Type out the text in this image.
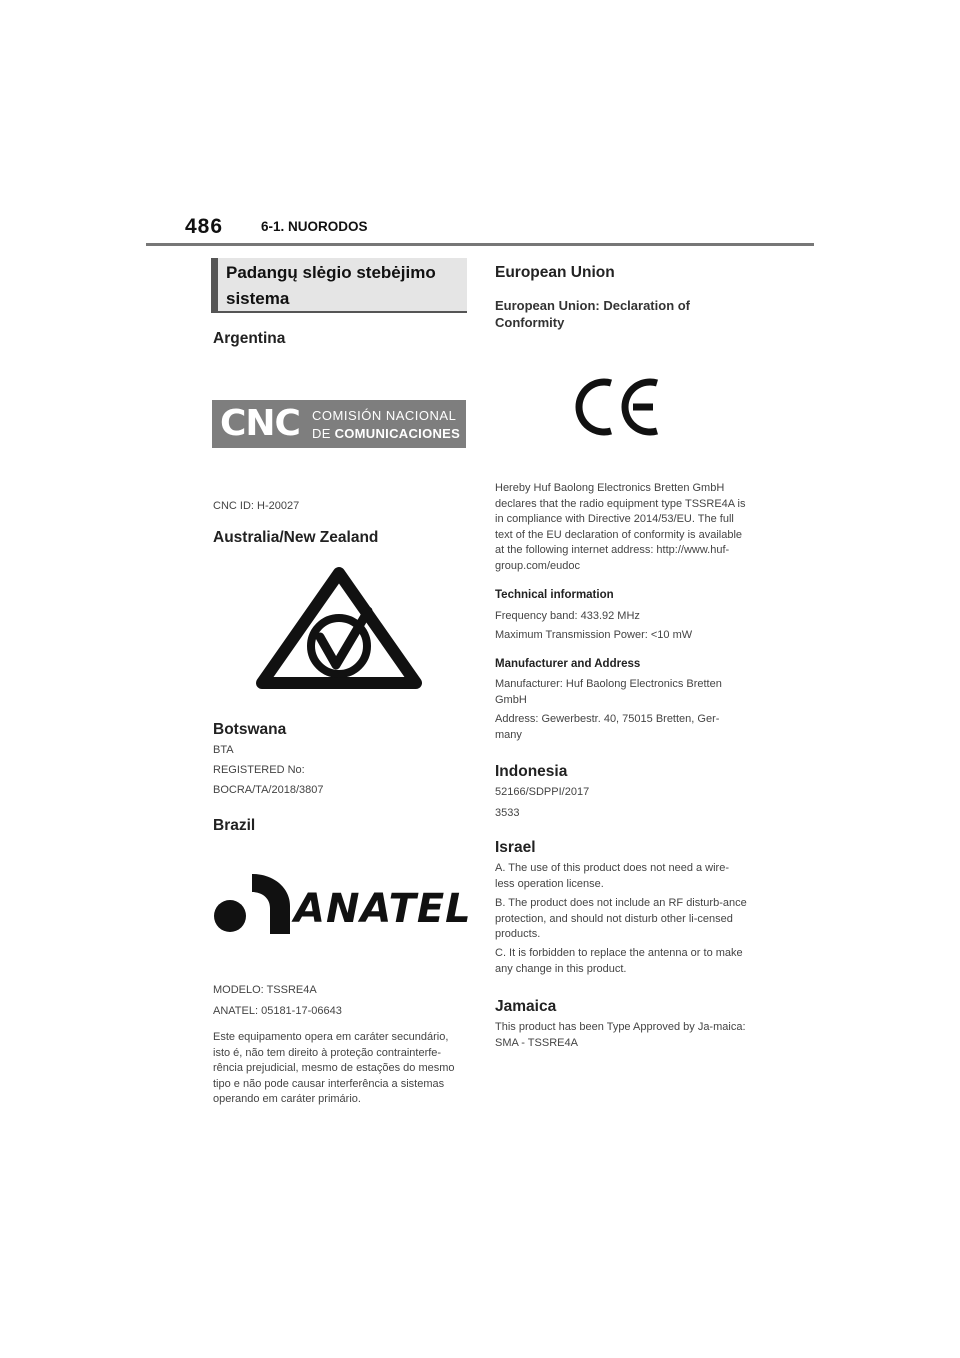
486	6-1. NUORODOS
Padangų slėgio stebėjimo sistema
Argentina
CNC COMISIÓN NACIONAL
DE COMUNICACIONES
CNC ID: H-20027
Australia/New Zealand
Botswana
BTA
REGISTERED No:
BOCRA/TA/2018/3807
Brazil
ANATEL
MODELO: TSSRE4A
ANATEL: 05181-17-06643
Este equipamento opera em caráter secundário, isto é, não tem direito à proteção contrainterfe-rência prejudicial, mesmo de estações do mesmo tipo e não pode causar interferência a sistemas operando em caráter primário.
European Union
European Union: Declaration of Conformity
Hereby Huf Baolong Electronics Bretten GmbH declares that the radio equipment type TSSRE4A is in compliance with Directive 2014/53/EU. The full text of the EU declaration of conformity is available at the following internet address: http://www.huf-group.com/eudoc
Technical information
Frequency band: 433.92 MHz
Maximum Transmission Power: <10 mW
Manufacturer and Address
Manufacturer: Huf Baolong Electronics Bretten GmbH
Address: Gewerbestr. 40, 75015 Bretten, Ger-many
Indonesia
52166/SDPPI/2017
3533
Israel
A. The use of this product does not need a wire-less operation license.
B. The product does not include an RF disturb-ance protection, and should not disturb other li-censed products.
C. It is forbidden to replace the antenna or to make any change in this product.
Jamaica
This product has been Type Approved by Ja-maica: SMA - TSSRE4A
